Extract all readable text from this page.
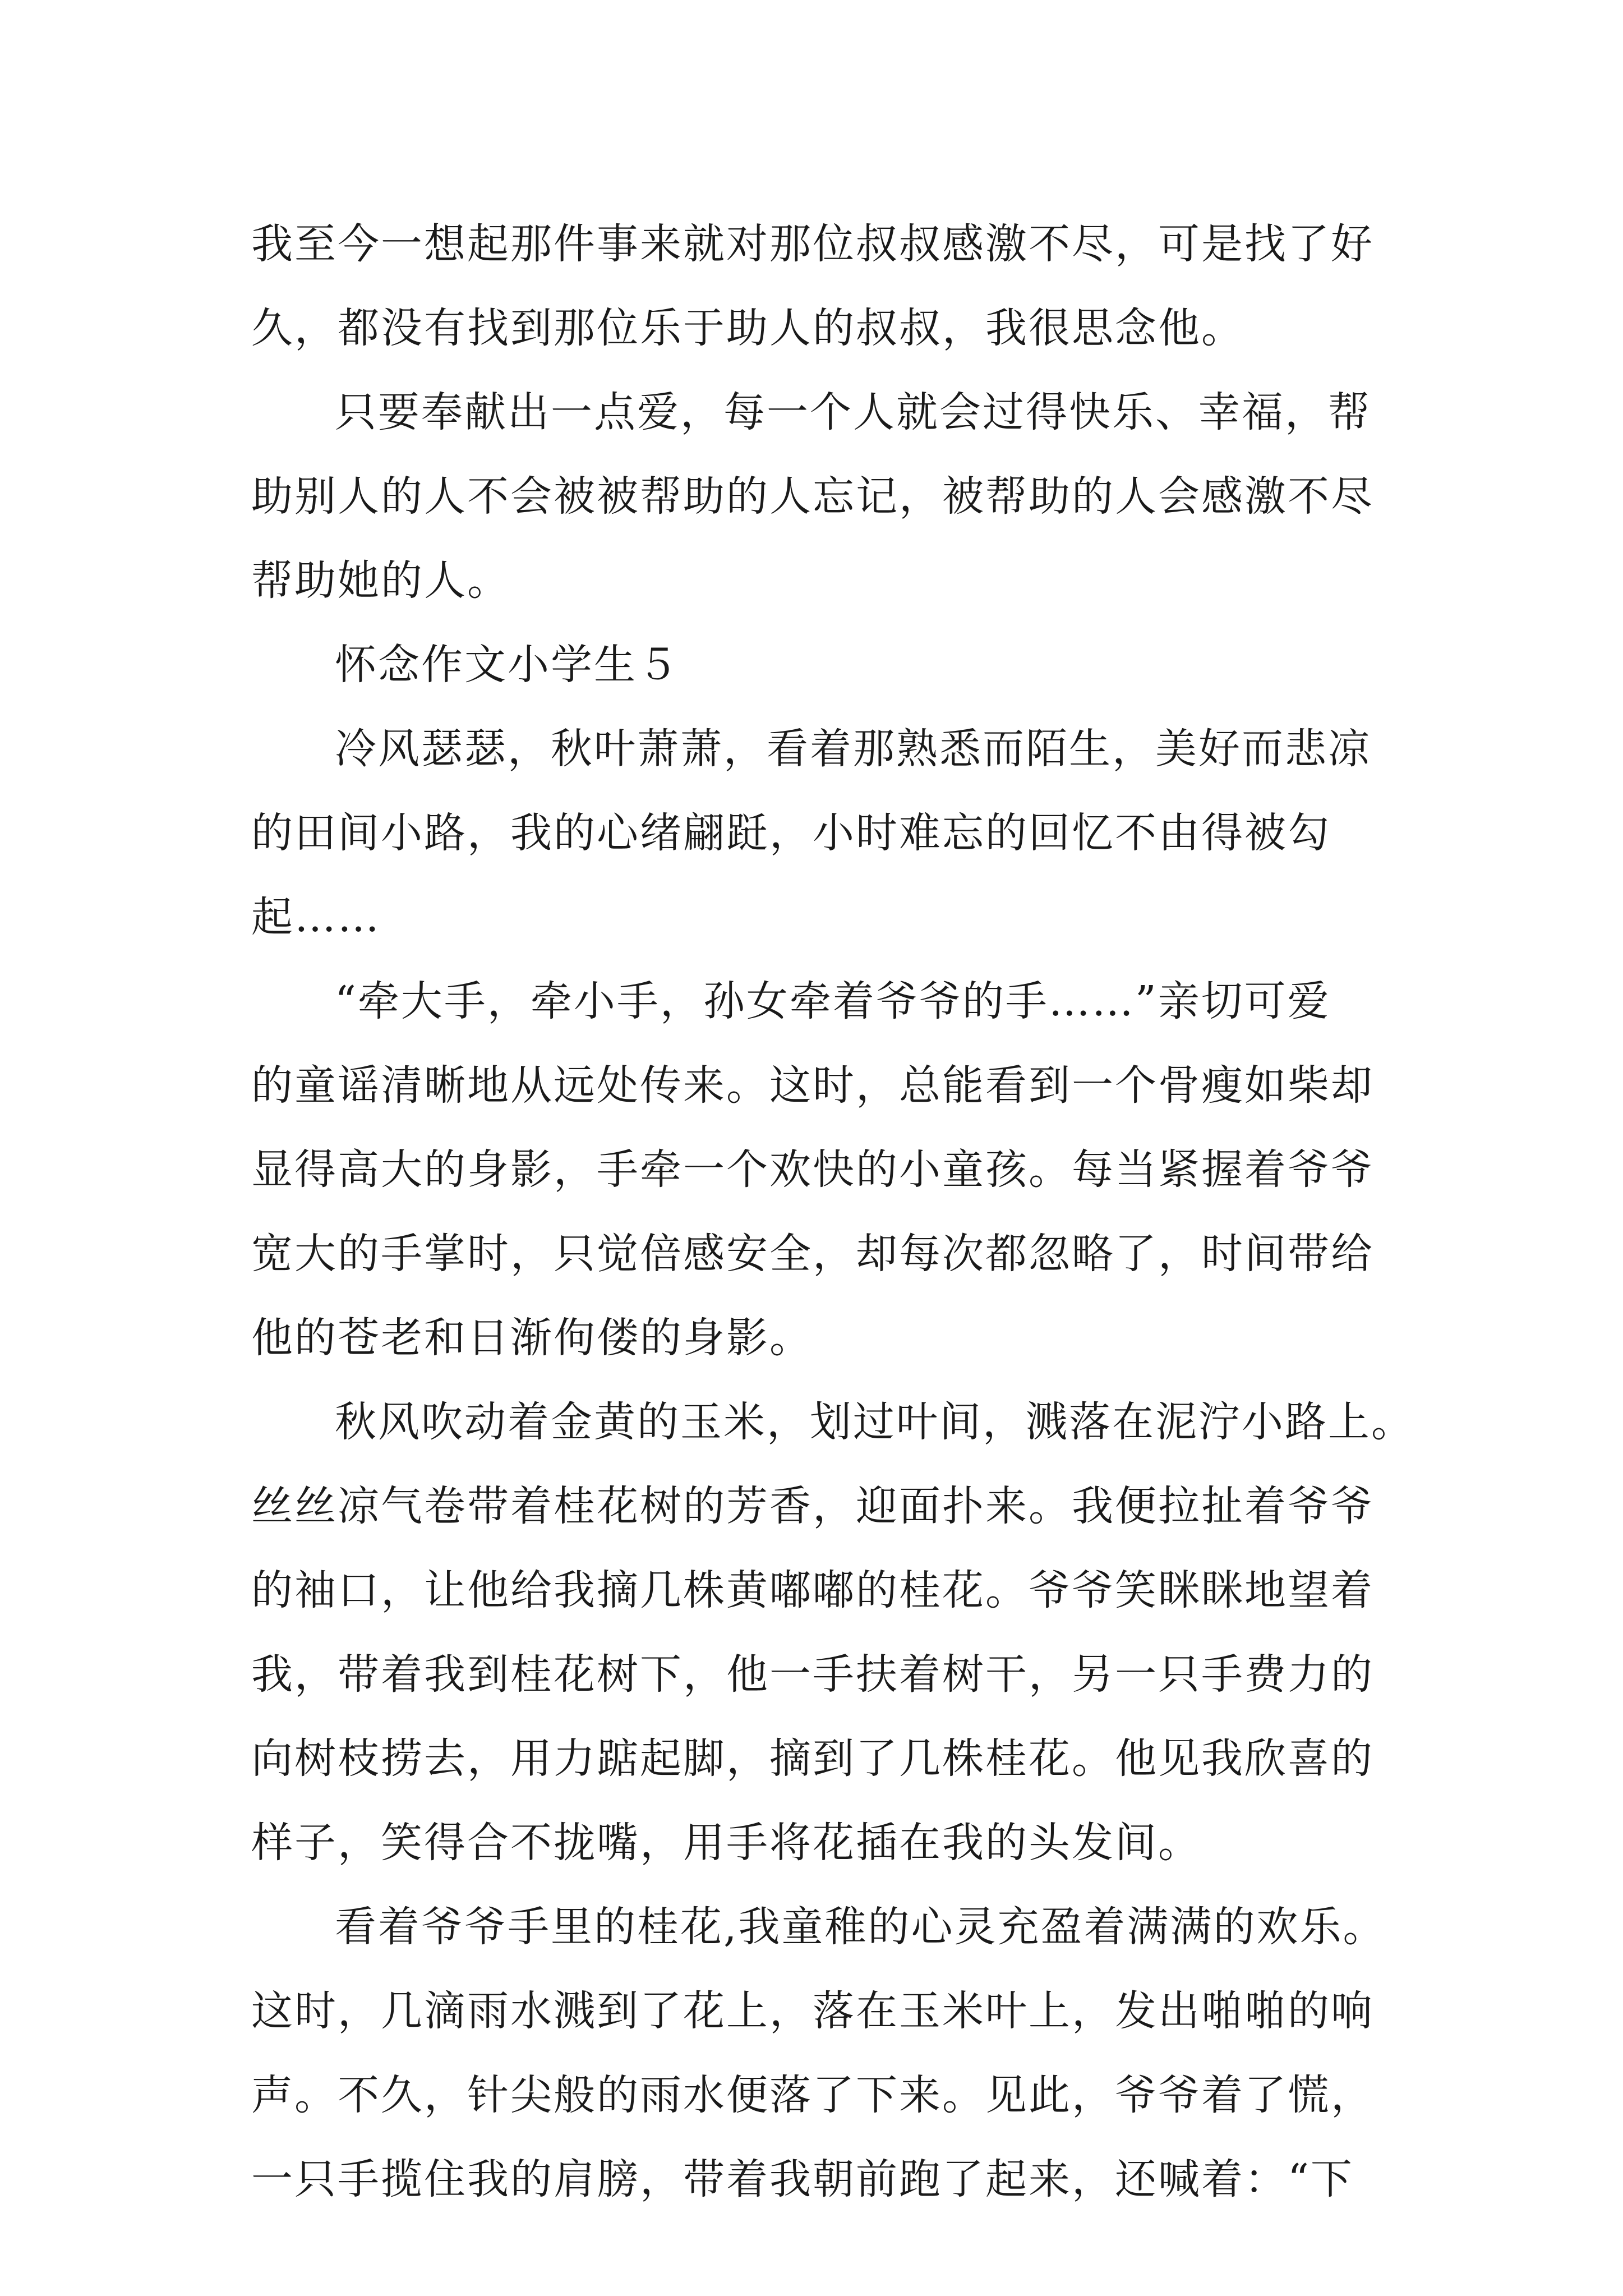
我至今一想起那件事来就对那位叔叔感激不尽，可是找了好
久，都没有找到那位乐于助人的叔叔，我很思念他。
只要奉献出一点爱，每一个人就会过得快乐、幸福，帮
助别人的人不会被被帮助的人忘记，被帮助的人会感激不尽
帮助她的人。
怀念作文小学生５
冷风瑟瑟，秋叶萧萧，看着那熟悉而陌生，美好而悲凉
的田间小路，我的心绪翩跹，小时难忘的回忆不由得被勾
起……
“牵大手，牵小手，孙女牵着爷爷的手……”亲切可爱
的童谣清晰地从远处传来。这时，总能看到一个骨瘦如柴却
显得高大的身影，手牵一个欢快的小童孩。每当紧握着爷爷
宽大的手掌时，只觉倍感安全，却每次都忽略了，时间带给
他的苍老和日渐佝偻的身影。
秋风吹动着金黄的玉米，划过叶间，溅落在泥泞小路上。
丝丝凉气卷带着桂花树的芳香，迎面扑来。我便拉扯着爷爷
的袖口，让他给我摘几株黄嘟嘟的桂花。爷爷笑眯眯地望着
我，带着我到桂花树下，他一手扶着树干，另一只手费力的
向树枝捞去，用力踮起脚，摘到了几株桂花。他见我欣喜的
样子，笑得合不拢嘴，用手将花插在我的头发间。
看着爷爷手里的桂花,我童稚的心灵充盈着满满的欢乐。
这时，几滴雨水溅到了花上，落在玉米叶上，发出啪啪的响
声。不久，针尖般的雨水便落了下来。见此，爷爷着了慌，
一只手揽住我的肩膀，带着我朝前跑了起来，还喊着：“下
